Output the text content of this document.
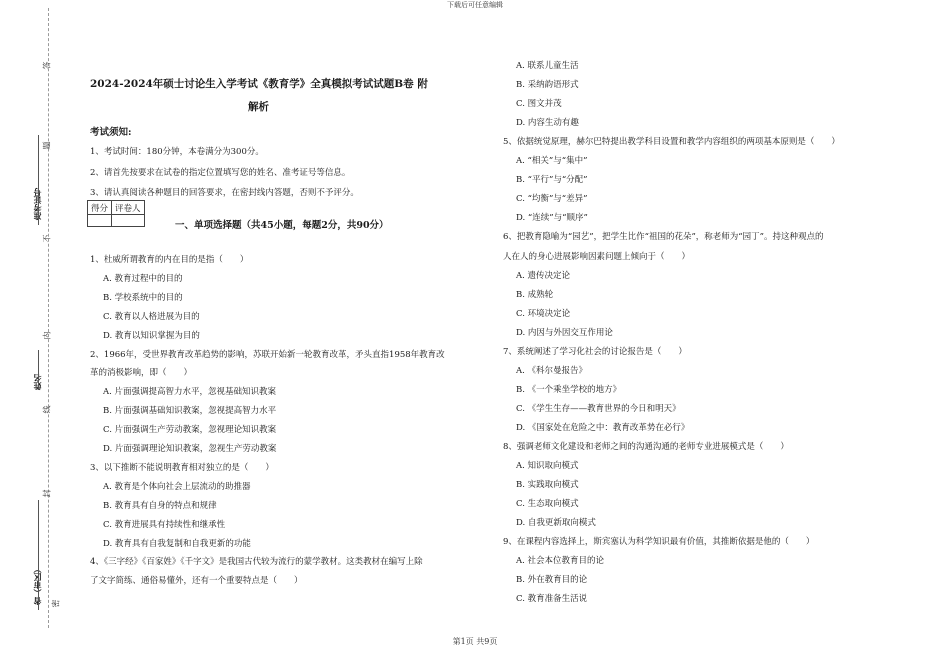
下载后可任意编辑
答
题
不
内
线
封
密
准考证号
姓名
省（市区）
2024-2024年硕士讨论生入学考试《教育学》全真模拟考试试题B卷 附
解析
考试须知:
1、考试时间：180分钟，本卷满分为300分。
2、请首先按要求在试卷的指定位置填写您的姓名、准考证号等信息。
3、请认真阅读各种题目的回答要求，在密封线内答题，否则不予评分。
得分	评卷人

一、单项选择题（共45小题，每题2分，共90分）
1、杜威所谓教育的内在目的是指（　　）
A. 教育过程中的目的
B. 学校系统中的目的
C. 教育以人格进展为目的
D. 教育以知识掌握为目的
2、1966年，受世界教育改革趋势的影响，苏联开始新一轮教育改革，矛头直指1958年教育改
革的消极影响，即（　　）
A. 片面强调提高智力水平，忽视基础知识教案
B. 片面强调基础知识教案，忽视提高智力水平
C. 片面强调生产劳动教案，忽视理论知识教案
D. 片面强调理论知识教案，忽视生产劳动教案
3、以下推断不能说明教育相对独立的是（　　）
A. 教育是个体向社会上层流动的助推器
B. 教育具有自身的特点和规律
C. 教育进展具有持续性和继承性
D. 教育具有自我复制和自我更新的功能
4、《三字经》《百家姓》《千字文》是我国古代较为流行的蒙学教材。这类教材在编写上除
了文字简练、通俗易懂外，还有一个重要特点是（　　）
A. 联系儿童生活
B. 采纳韵语形式
C. 图文并茂
D. 内容生动有趣
5、依据统觉原理，赫尔巴特提出教学科目设置和教学内容组织的两项基本原则是（　　）
A. “相关”与“集中”
B. “平行”与“分配”
C. “均衡”与“差异”
D. “连续”与“顺序”
6、把教育隐喻为“园艺”，把学生比作“祖国的花朵”，称老师为“园丁”。持这种观点的
人在人的身心进展影响因素问题上倾向于（　　）
A. 遗传决定论
B. 成熟轮
C. 环境决定论
D. 内因与外因交互作用论
7、系统阐述了学习化社会的讨论报告是（　　）
A. 《科尔曼报告》
B. 《一个乘坐学校的地方》
C. 《学生生存——教育世界的今日和明天》
D. 《国家处在危险之中：教育改革势在必行》
8、强调老师文化建设和老师之间的沟通沟通的老师专业进展模式是（　　）
A. 知识取向模式
B. 实践取向模式
C. 生态取向模式
D. 自我更新取向模式
9、在课程内容选择上，斯宾塞认为科学知识最有价值，其推断依据是他的（　　）
A. 社会本位教育目的论
B. 外在教育目的论
C. 教育准备生活说
第1页 共9页
